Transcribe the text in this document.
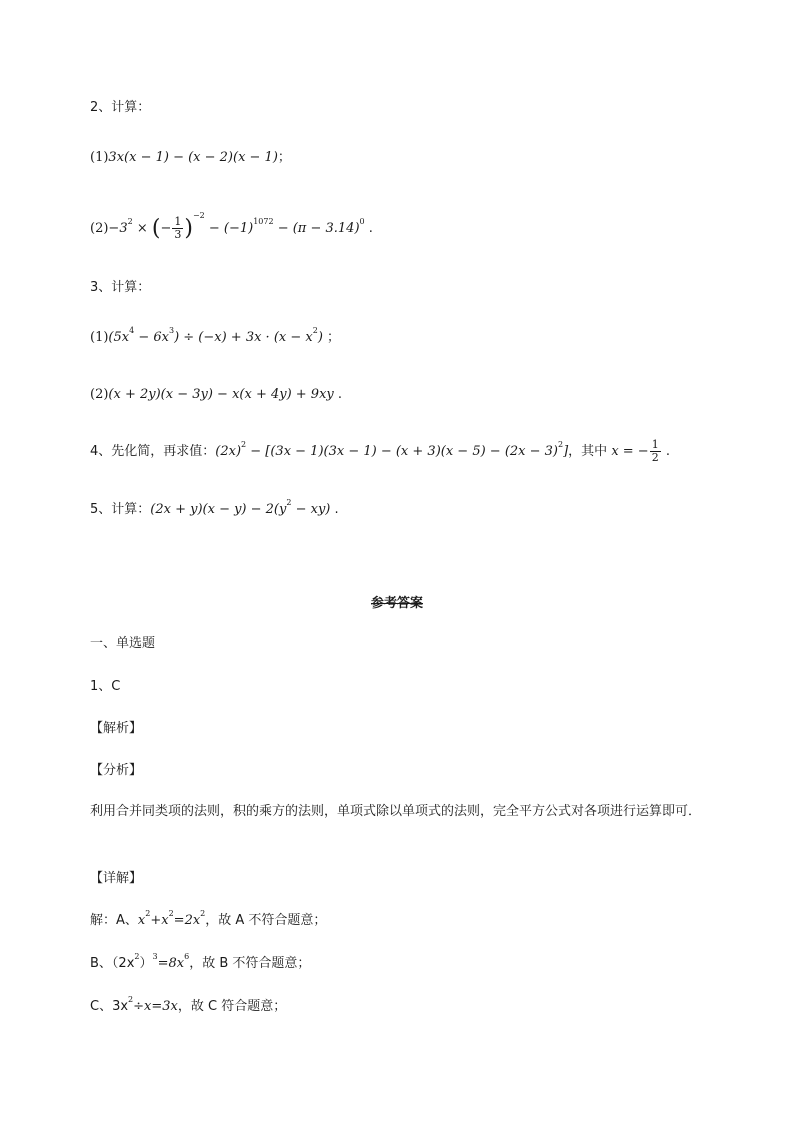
2、计算：
(1)3x(x − 1) − (x − 2)(x − 1)；
$(2)-3^2$ × (− $\frac{1}{3} )^{-2} - (-1)^{1072} - (\pi - 3.14)^0$ .
3、计算：
$(1)(5x^4 - 6x^3) \div (-x) + 3x \cdot (x - x^2)$ ；
(2)(x + 2y)(x − 3y) − x(x + 4y) + 9xy .
4、先化简，再求值：$(2x)^2 - [(3x - 1)(3x - 1) - (x + 3)(x - 5) - (2x - 3)^2]$，其中 x = − $\frac{1}{2}$ .
5、计算：$(2x + y)(x - y) - 2(y^2 - xy)$ .
参考答案
一、单选题
1、C
【解析】
【分析】
利用合并同类项的法则，积的乘方的法则，单项式除以单项式的法则，完全平方公式对各项进行运算即可．
【详解】
解：A、$x^2+x^2=2x^2$，故 A 不符合题意；
B、$(2x^2)^3=8x^6$，故 B 不符合题意；
C、$3x^2\div x=3x$，故 C 符合题意；
